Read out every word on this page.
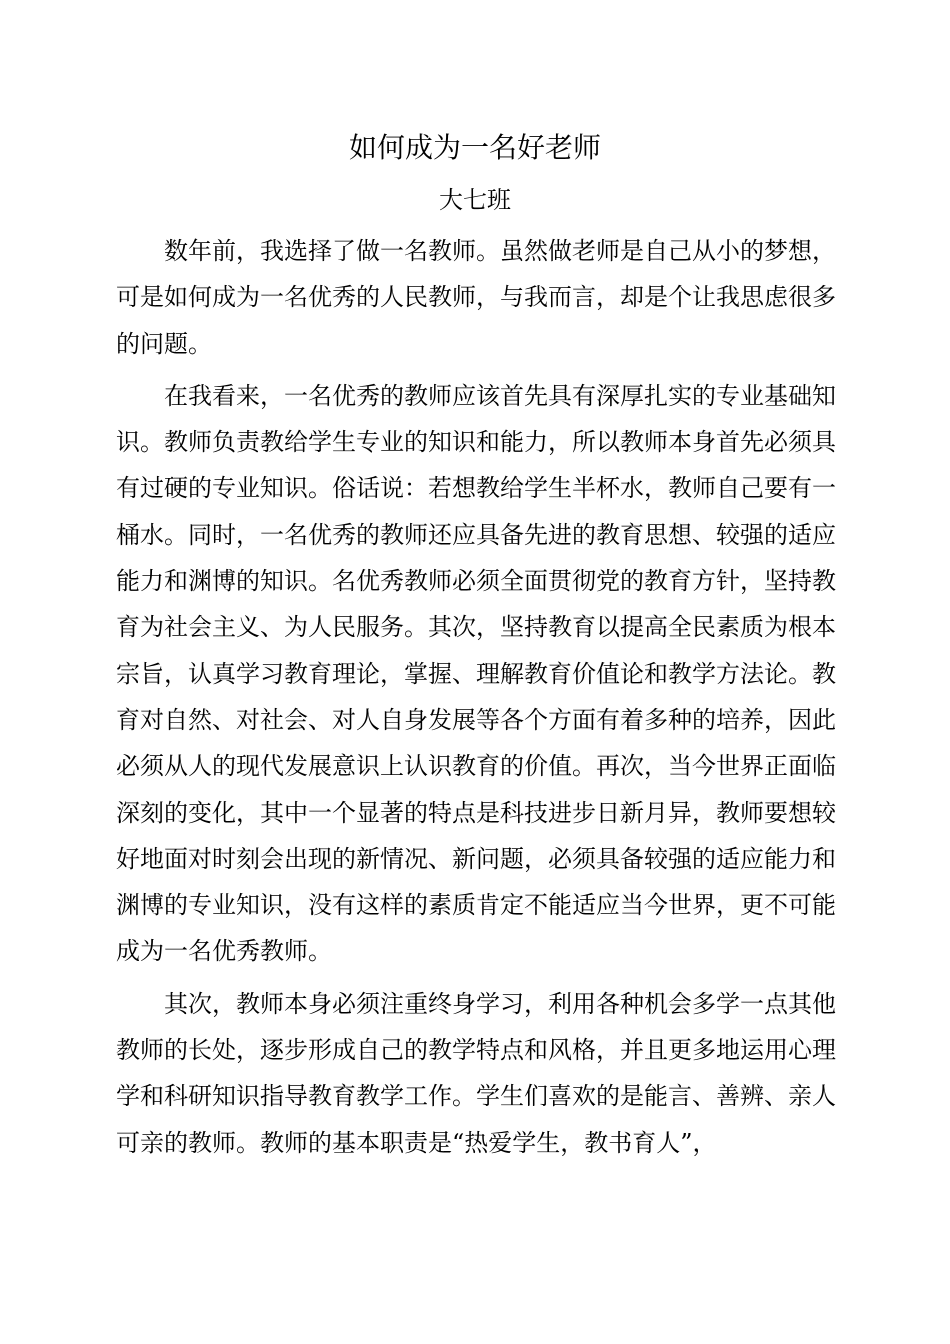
如何成为一名好老师
大七班

数年前，我选择了做一名教师。虽然做老师是自己从小的梦想，可是如何成为一名优秀的人民教师，与我而言，却是个让我思虑很多的问题。

在我看来，一名优秀的教师应该首先具有深厚扎实的专业基础知识。教师负责教给学生专业的知识和能力，所以教师本身首先必须具有过硬的专业知识。俗话说：若想教给学生半杯水，教师自己要有一桶水。同时，一名优秀的教师还应具备先进的教育思想、较强的适应能力和渊博的知识。名优秀教师必须全面贯彻党的教育方针，坚持教育为社会主义、为人民服务。其次，坚持教育以提高全民素质为根本宗旨，认真学习教育理论，掌握、理解教育价值论和教学方法论。教育对自然、对社会、对人自身发展等各个方面有着多种的培养，因此必须从人的现代发展意识上认识教育的价值。再次，当今世界正面临深刻的变化，其中一个显著的特点是科技进步日新月异，教师要想较好地面对时刻会出现的新情况、新问题，必须具备较强的适应能力和渊博的专业知识，没有这样的素质肯定不能适应当今世界，更不可能成为一名优秀教师。

其次，教师本身必须注重终身学习，利用各种机会多学一点其他教师的长处，逐步形成自己的教学特点和风格，并且更多地运用心理学和科研知识指导教育教学工作。学生们喜欢的是能言、善辨、亲人可亲的教师。教师的基本职责是“热爱学生，教书育人”，
